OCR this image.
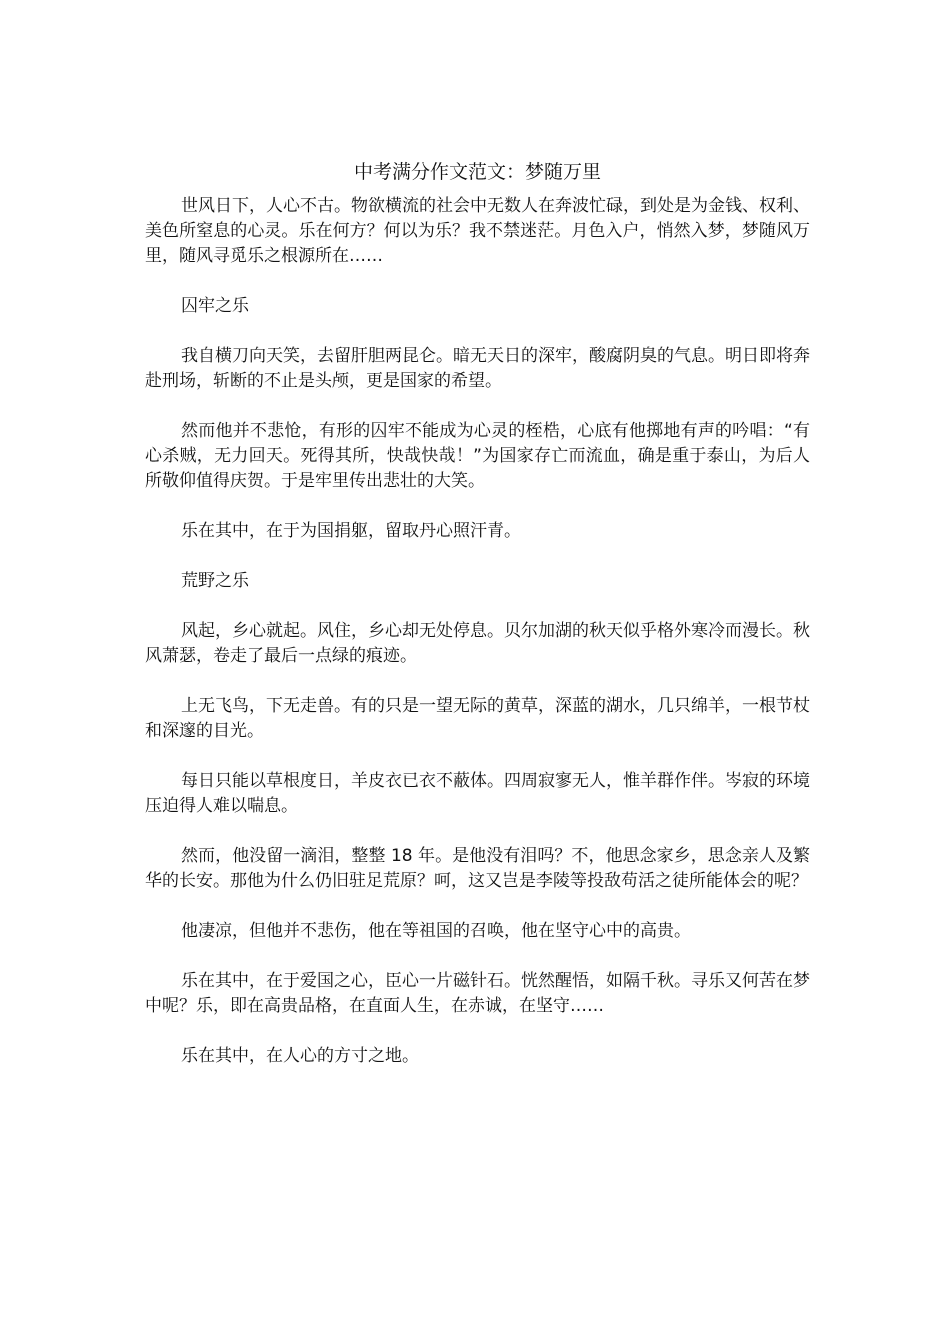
中考满分作文范文：梦随万里

世风日下，人心不古。物欲横流的社会中无数人在奔波忙碌，到处是为金钱、权利、美色所窒息的心灵。乐在何方？何以为乐？我不禁迷茫。月色入户，悄然入梦，梦随风万里，随风寻觅乐之根源所在……

囚牢之乐

我自横刀向天笑，去留肝胆两昆仑。暗无天日的深牢，酸腐阴臭的气息。明日即将奔赴刑场，斩断的不止是头颅，更是国家的希望。

然而他并不悲怆，有形的囚牢不能成为心灵的桎梏，心底有他掷地有声的吟唱：“有心杀贼，无力回天。死得其所，快哉快哉！”为国家存亡而流血，确是重于泰山，为后人所敬仰值得庆贺。于是牢里传出悲壮的大笑。

乐在其中，在于为国捐躯，留取丹心照汗青。

荒野之乐

风起，乡心就起。风住，乡心却无处停息。贝尔加湖的秋天似乎格外寒冷而漫长。秋风萧瑟，卷走了最后一点绿的痕迹。

上无飞鸟，下无走兽。有的只是一望无际的黄草，深蓝的湖水，几只绵羊，一根节杖和深邃的目光。

每日只能以草根度日，羊皮衣已衣不蔽体。四周寂寥无人，惟羊群作伴。岑寂的环境压迫得人难以喘息。

然而，他没留一滴泪，整整 18 年。是他没有泪吗？不，他思念家乡，思念亲人及繁华的长安。那他为什么仍旧驻足荒原？呵，这又岂是李陵等投敌苟活之徒所能体会的呢？

他凄凉，但他并不悲伤，他在等祖国的召唤，他在坚守心中的高贵。

乐在其中，在于爱国之心，臣心一片磁针石。恍然醒悟，如隔千秋。寻乐又何苦在梦中呢？乐，即在高贵品格，在直面人生，在赤诚，在坚守……

乐在其中，在人心的方寸之地。
